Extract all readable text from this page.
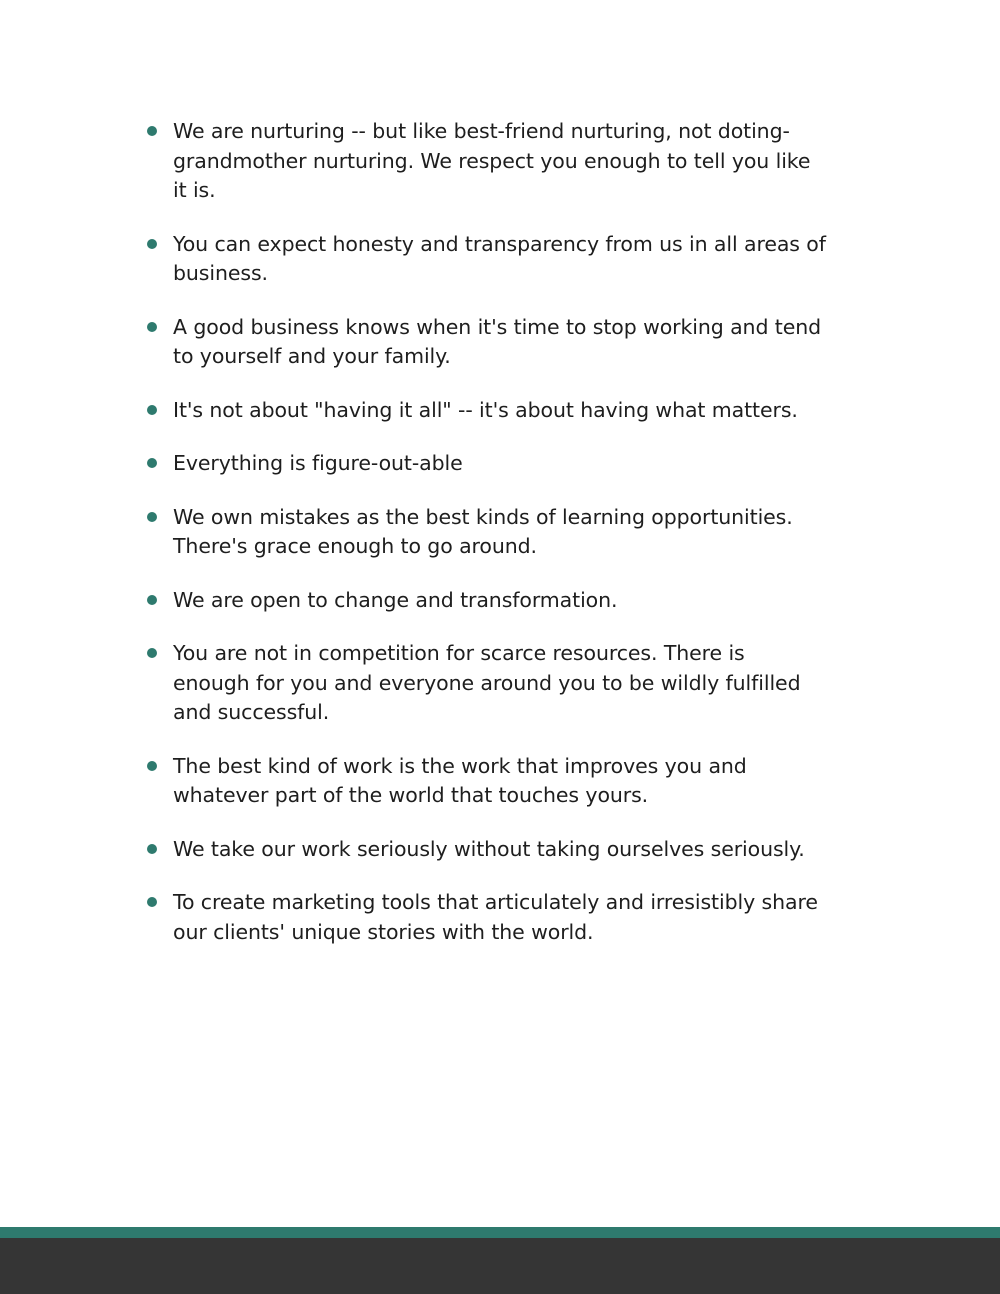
We are nurturing -- but like best-friend nurturing, not doting-grandmother nurturing. We respect you enough to tell you like it is.
You can expect honesty and transparency from us in all areas of business.
A good business knows when it's time to stop working and tend to yourself and your family.
It's not about "having it all" -- it's about having what matters.
Everything is figure-out-able
We own mistakes as the best kinds of learning opportunities. There's grace enough to go around.
We are open to change and transformation.
You are not in competition for scarce resources. There is enough for you and everyone around you to be wildly fulfilled and successful.
The best kind of work is the work that improves you and whatever part of the world that touches yours.
We take our work seriously without taking ourselves seriously.
To create marketing tools that articulately and irresistibly share our clients' unique stories with the world.
